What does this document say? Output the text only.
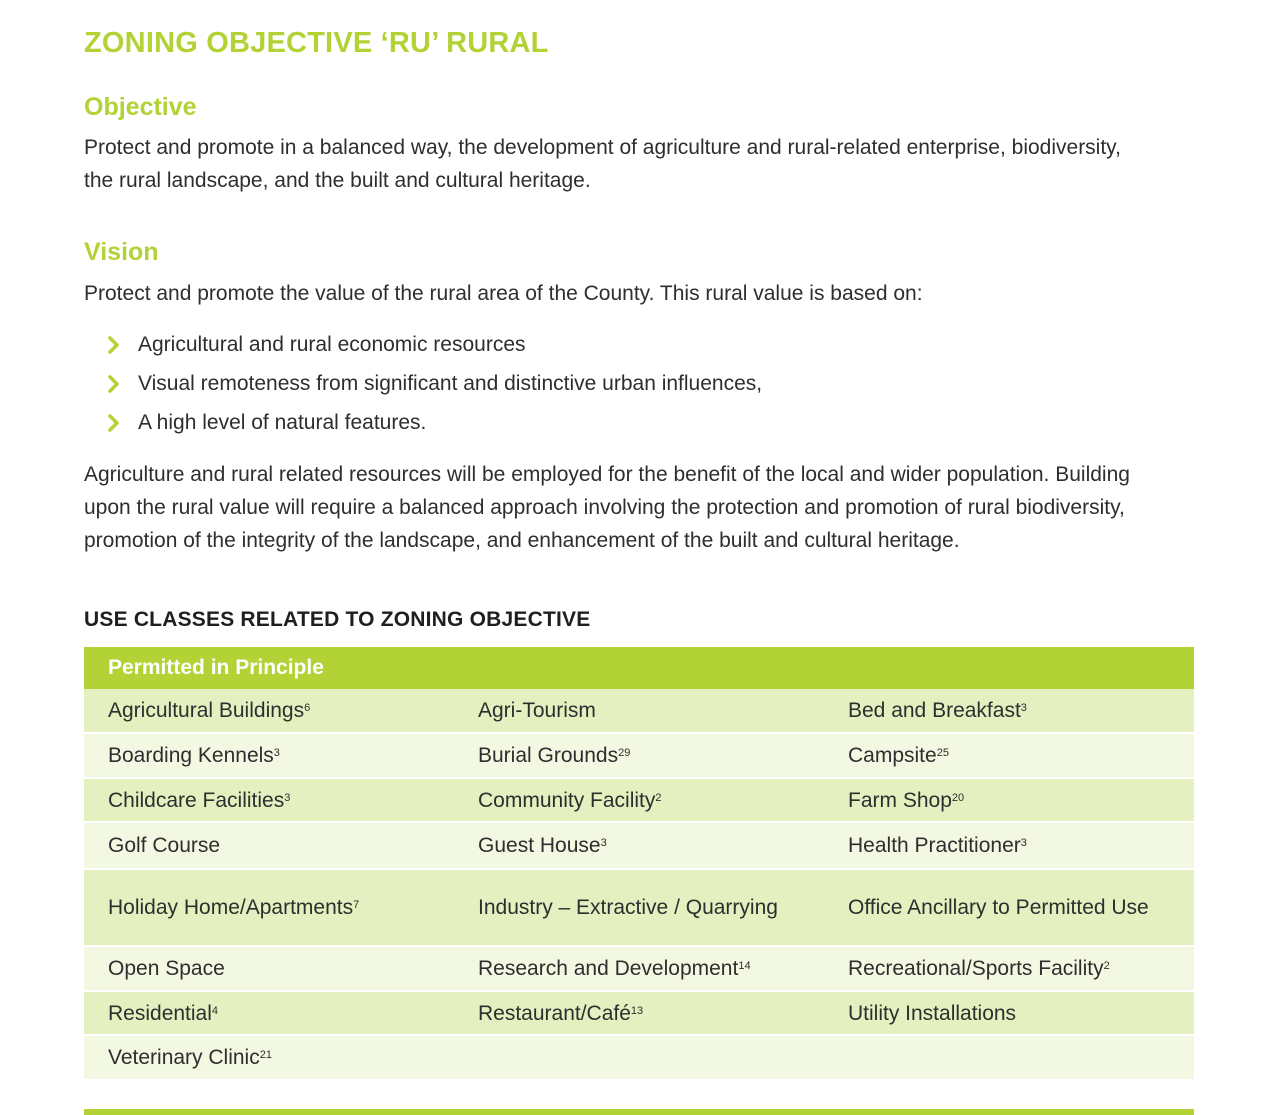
ZONING OBJECTIVE ‘RU’ RURAL
Objective

Protect and promote in a balanced way, the development of agriculture and rural-related enterprise, biodiversity, the rural landscape, and the built and cultural heritage.

Vision

Protect and promote the value of the rural area of the County. This rural value is based on:

Agricultural and rural economic resources
Visual remoteness from significant and distinctive urban influences,
A high level of natural features.

Agriculture and rural related resources will be employed for the benefit of the local and wider population. Building upon the rural value will require a balanced approach involving the protection and promotion of rural biodiversity, promotion of the integrity of the landscape, and enhancement of the built and cultural heritage.

USE CLASSES RELATED TO ZONING OBJECTIVE
Permitted in Principle
Agricultural Buildings$^6$	Agri-Tourism	Bed and Breakfast$^3$
Boarding Kennels$^3$	Burial Grounds$^{29}$	Campsite$^{25}$
Childcare Facilities$^3$	Community Facility$^2$	Farm Shop$^{20}$
Golf Course	Guest House$^3$	Health Practitioner$^3$
Holiday Home/Apartments$^7$	Industry – Extractive / Quarrying	Office Ancillary to Permitted Use
Open Space	Research and Development$^{14}$	Recreational/Sports Facility$^2$
Residential$^4$	Restaurant/Café$^{13}$	Utility Installations
Veterinary Clinic$^{21}$
